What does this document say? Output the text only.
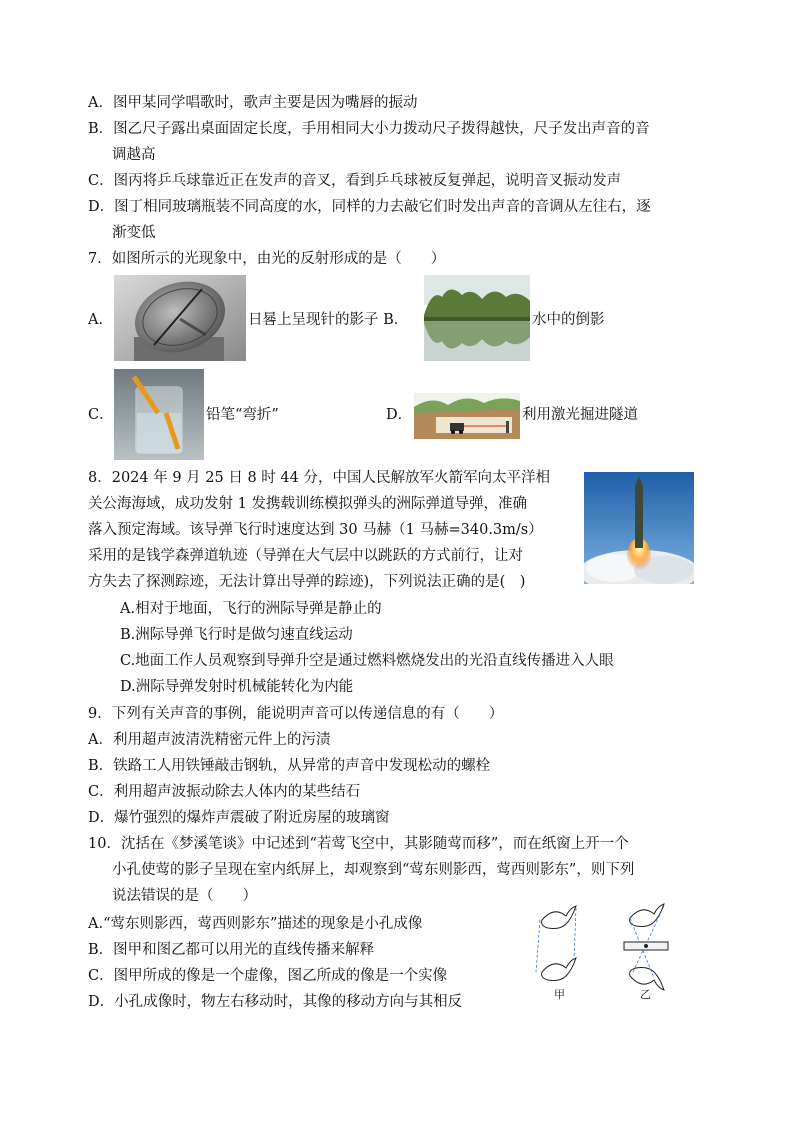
A．图甲某同学唱歌时，歌声主要是因为嘴唇的振动
B．图乙尺子露出桌面固定长度，手用相同大小力拨动尺子拨得越快，尺子发出声音的音
调越高
C．图丙将乒乓球靠近正在发声的音叉，看到乒乓球被反复弹起，说明音叉振动发声
D．图丁相同玻璃瓶装不同高度的水，同样的力去敲它们时发出声音的音调从左往右，逐
渐变低
7．如图所示的光现象中，由光的反射形成的是（　　）
A．	日晷上呈现针的影子 B．	水中的倒影
C．	铅笔“弯折”	D．	利用激光掘进隧道
8．2024 年 9 月 25 日 8 时 44 分，中国人民解放军火箭军向太平洋相
关公海海域，成功发射 1 发携载训练模拟弹头的洲际弹道导弹，准确
落入预定海域。该导弹飞行时速度达到 30 马赫（1 马赫=340.3m/s）
采用的是钱学森弹道轨迹（导弹在大气层中以跳跃的方式前行，让对
方失去了探测踪迹，无法计算出导弹的踪迹)，下列说法正确的是(　)
A.相对于地面，飞行的洲际导弹是静止的
B.洲际导弹飞行时是做匀速直线运动
C.地面工作人员观察到导弹升空是通过燃料燃烧发出的光沿直线传播进入人眼
D.洲际导弹发射时机械能转化为内能
9．下列有关声音的事例，能说明声音可以传递信息的有（　　）
A．利用超声波清洗精密元件上的污渍
B．铁路工人用铁锤敲击钢轨，从异常的声音中发现松动的螺栓
C．利用超声波振动除去人体内的某些结石
D．爆竹强烈的爆炸声震破了附近房屋的玻璃窗
10．沈括在《梦溪笔谈》中记述到“若莺飞空中，其影随莺而移”，而在纸窗上开一个
小孔使莺的影子呈现在室内纸屏上，却观察到“莺东则影西，莺西则影东”，则下列
说法错误的是（　　）
A.“莺东则影西，莺西则影东”描述的现象是小孔成像
B．图甲和图乙都可以用光的直线传播来解释
C．图甲所成的像是一个虚像，图乙所成的像是一个实像
D．小孔成像时，物左右移动时，其像的移动方向与其相反	甲	乙
